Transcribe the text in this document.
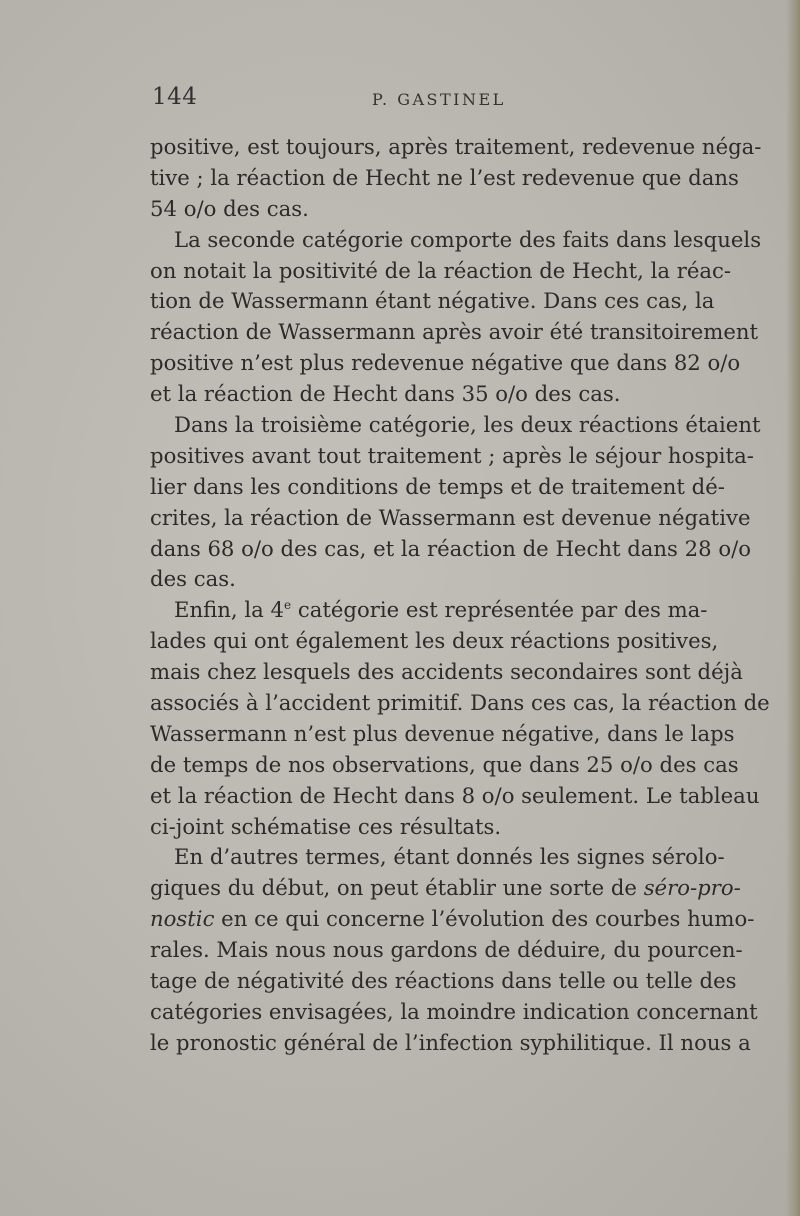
144	P. GASTINEL
positive, est toujours, après traitement, redevenue néga-
tive ; la réaction de Hecht ne l’est redevenue que dans
54 o/o des cas.
La seconde catégorie comporte des faits dans lesquels
on notait la positivité de la réaction de Hecht, la réac-
tion de Wassermann étant négative. Dans ces cas, la
réaction de Wassermann après avoir été transitoirement
positive n’est plus redevenue négative que dans 82 o/o
et la réaction de Hecht dans 35 o/o des cas.
Dans la troisième catégorie, les deux réactions étaient
positives avant tout traitement ; après le séjour hospita-
lier dans les conditions de temps et de traitement dé-
crites, la réaction de Wassermann est devenue négative
dans 68 o/o des cas, et la réaction de Hecht dans 28 o/o
des cas.
Enfin, la 4e catégorie est représentée par des ma-
lades qui ont également les deux réactions positives,
mais chez lesquels des accidents secondaires sont déjà
associés à l’accident primitif. Dans ces cas, la réaction de
Wassermann n’est plus devenue négative, dans le laps
de temps de nos observations, que dans 25 o/o des cas
et la réaction de Hecht dans 8 o/o seulement. Le tableau
ci-joint schématise ces résultats.
En d’autres termes, étant donnés les signes sérolo-
giques du début, on peut établir une sorte de séro-pro-
nostic en ce qui concerne l’évolution des courbes humo-
rales. Mais nous nous gardons de déduire, du pourcen-
tage de négativité des réactions dans telle ou telle des
catégories envisagées, la moindre indication concernant
le pronostic général de l’infection syphilitique. Il nous a
